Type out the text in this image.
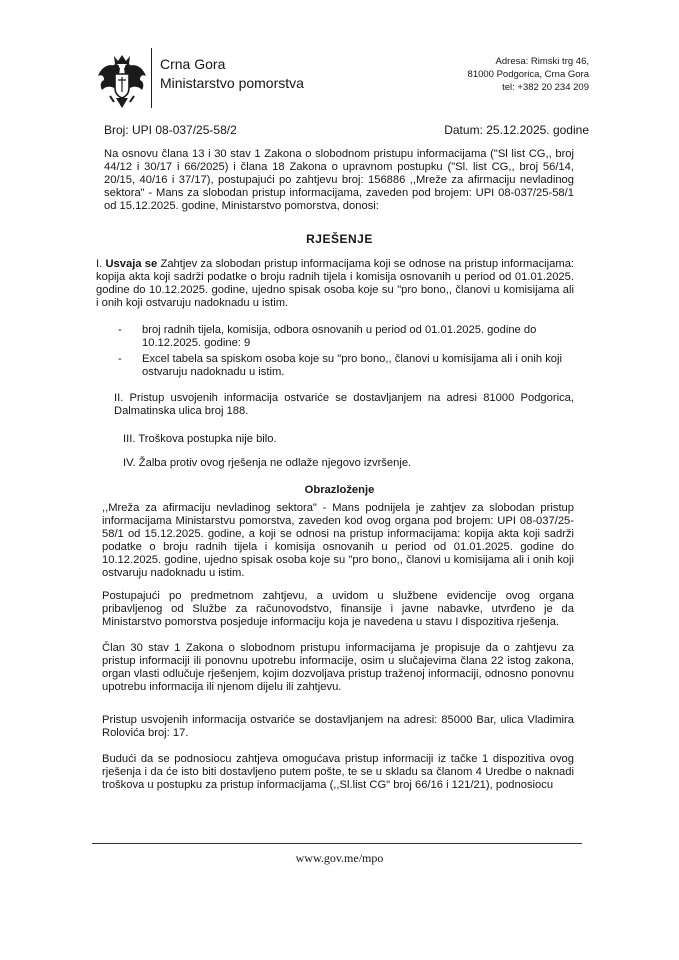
Crna Gora
Ministarstvo pomorstva
Adresa: Rimski trg 46,
81000 Podgorica, Crna Gora
tel: +382 20 234 209
Broj: UPI 08-037/25-58/2	Datum: 25.12.2025. godine
Na osnovu člana 13 i 30 stav 1 Zakona o slobodnom pristupu informacijama ("Sl list CG,, broj 44/12 i 30/17 i 66/2025) i člana 18 Zakona o upravnom postupku ("Sl. list CG,, broj 56/14, 20/15, 40/16 i 37/17), postupajući po zahtjevu broj: 156886 ,,Mreže za afirmaciju nevladinog sektora" - Mans za slobodan pristup informacijama, zaveden pod brojem: UPI 08-037/25-58/1 od 15.12.2025. godine, Ministarstvo pomorstva, donosi:
RJEŠENJE
I. Usvaja se Zahtjev za slobodan pristup informacijama koji se odnose na pristup informacijama: kopija akta koji sadrži podatke o broju radnih tijela i komisija osnovanih u period od 01.01.2025. godine do 10.12.2025. godine, ujedno spisak osoba koje su "pro bono,, članovi u komisijama ali i onih koji ostvaruju nadoknadu u istim.
- broj radnih tijela, komisija, odbora osnovanih u period od 01.01.2025. godine do 10.12.2025. godine: 9
- Excel tabela sa spiskom osoba koje su "pro bono,, članovi u komisijama ali i onih koji ostvaruju nadoknadu u istim.
II. Pristup usvojenih informacija ostvariće se dostavljanjem na adresi 81000 Podgorica, Dalmatinska ulica broj 188.
III. Troškova postupka nije bilo.
IV. Žalba protiv ovog rješenja ne odlaže njegovo izvršenje.
Obrazloženje
,,Mreža za afirmaciju nevladinog sektora" - Mans podnijela je zahtjev za slobodan pristup informacijama Ministarstvu pomorstva, zaveden kod ovog organa pod brojem: UPI 08-037/25-58/1 od 15.12.2025. godine, a koji se odnosi na pristup informacijama: kopija akta koji sadrži podatke o broju radnih tijela i komisija osnovanih u period od 01.01.2025. godine do 10.12.2025. godine, ujedno spisak osoba koje su "pro bono,, članovi u komisijama ali i onih koji ostvaruju nadoknadu u istim.
Postupajući po predmetnom zahtjevu, a uvidom u službene evidencije ovog organa pribavljenog od Službe za računovodstvo, finansije i javne nabavke, utvrđeno je da Ministarstvo pomorstva posjeduje informaciju koja je navedena u stavu I dispozitiva rješenja.
Član 30 stav 1 Zakona o slobodnom pristupu informacijama je propisuje da o zahtjevu za pristup informaciji ili ponovnu upotrebu informacije, osim u slučajevima člana 22 istog zakona, organ vlasti odlučuje rješenjem, kojim dozvoljava pristup traženoj informaciji, odnosno ponovnu upotrebu informacija ili njenom dijelu ili zahtjevu.
Pristup usvojenih informacija ostvariće se dostavljanjem na adresi: 85000 Bar, ulica Vladimira Rolovića broj: 17.
Budući da se podnosiocu zahtjeva omogućava pristup informaciji iz tačke 1 dispozitiva ovog rješenja i da će isto biti dostavljeno putem pošte, te se u skladu sa članom 4 Uredbe o naknadi troškova u postupku za pristup informacijama (,,Sl.list CG" broj 66/16 i 121/21), podnosiocu
www.gov.me/mpo
